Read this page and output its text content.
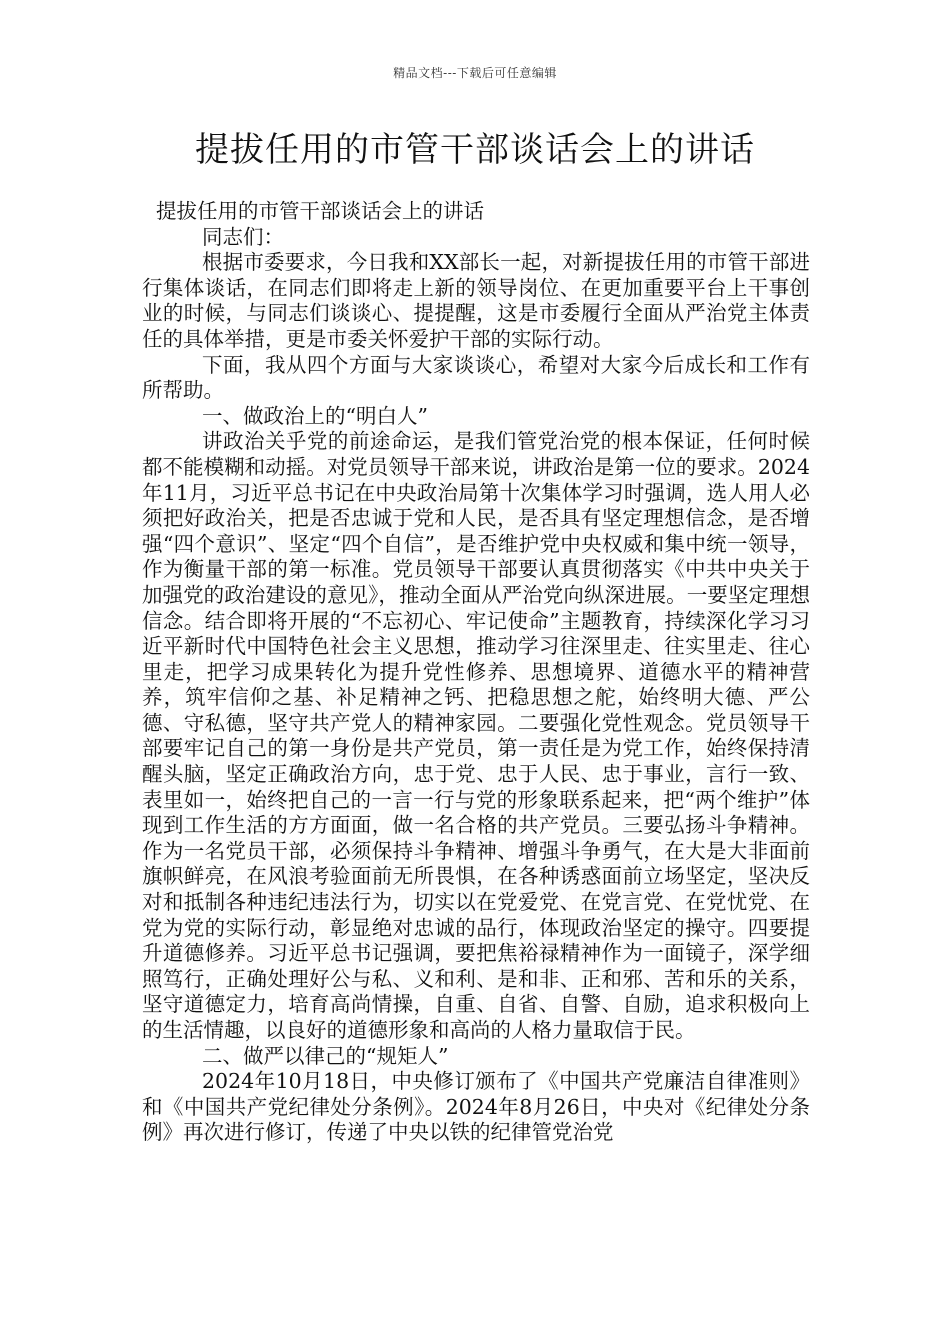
精品文档---下载后可任意编辑
提拔任用的市管干部谈话会上的讲话

提拔任用的市管干部谈话会上的讲话

同志们：

根据市委要求，今日我和XX部长一起，对新提拔任用的市管干部进行集体谈话，在同志们即将走上新的领导岗位、在更加重要平台上干事创业的时候，与同志们谈谈心、提提醒，这是市委履行全面从严治党主体责任的具体举措，更是市委关怀爱护干部的实际行动。

下面，我从四个方面与大家谈谈心，希望对大家今后成长和工作有所帮助。

一、做政治上的“明白人”

讲政治关乎党的前途命运，是我们管党治党的根本保证，任何时候都不能模糊和动摇。对党员领导干部来说，讲政治是第一位的要求。2024年11月，习近平总书记在中央政治局第十次集体学习时强调，选人用人必须把好政治关，把是否忠诚于党和人民，是否具有坚定理想信念，是否增强“四个意识”、坚定“四个自信”，是否维护党中央权威和集中统一领导，作为衡量干部的第一标准。党员领导干部要认真贯彻落实《中共中央关于加强党的政治建设的意见》，推动全面从严治党向纵深进展。一要坚定理想信念。结合即将开展的“不忘初心、牢记使命”主题教育，持续深化学习习近平新时代中国特色社会主义思想，推动学习往深里走、往实里走、往心里走，把学习成果转化为提升党性修养、思想境界、道德水平的精神营养，筑牢信仰之基、补足精神之钙、把稳思想之舵，始终明大德、严公德、守私德，坚守共产党人的精神家园。二要强化党性观念。党员领导干部要牢记自己的第一身份是共产党员，第一责任是为党工作，始终保持清醒头脑，坚定正确政治方向，忠于党、忠于人民、忠于事业，言行一致、表里如一，始终把自己的一言一行与党的形象联系起来，把“两个维护”体现到工作生活的方方面面，做一名合格的共产党员。三要弘扬斗争精神。作为一名党员干部，必须保持斗争精神、增强斗争勇气，在大是大非面前旗帜鲜亮，在风浪考验面前无所畏惧，在各种诱惑面前立场坚定，坚决反对和抵制各种违纪违法行为，切实以在党爱党、在党言党、在党忧党、在党为党的实际行动，彰显绝对忠诚的品行，体现政治坚定的操守。四要提升道德修养。习近平总书记强调，要把焦裕禄精神作为一面镜子，深学细照笃行，正确处理好公与私、义和利、是和非、正和邪、苦和乐的关系，坚守道德定力，培育高尚情操，自重、自省、自警、自励，追求积极向上的生活情趣，以良好的道德形象和高尚的人格力量取信于民。

二、做严以律己的“规矩人”

2024年10月18日，中央修订颁布了《中国共产党廉洁自律准则》和《中国共产党纪律处分条例》。2024年8月26日，中央对《纪律处分条例》再次进行修订，传递了中央以铁的纪律管党治党
